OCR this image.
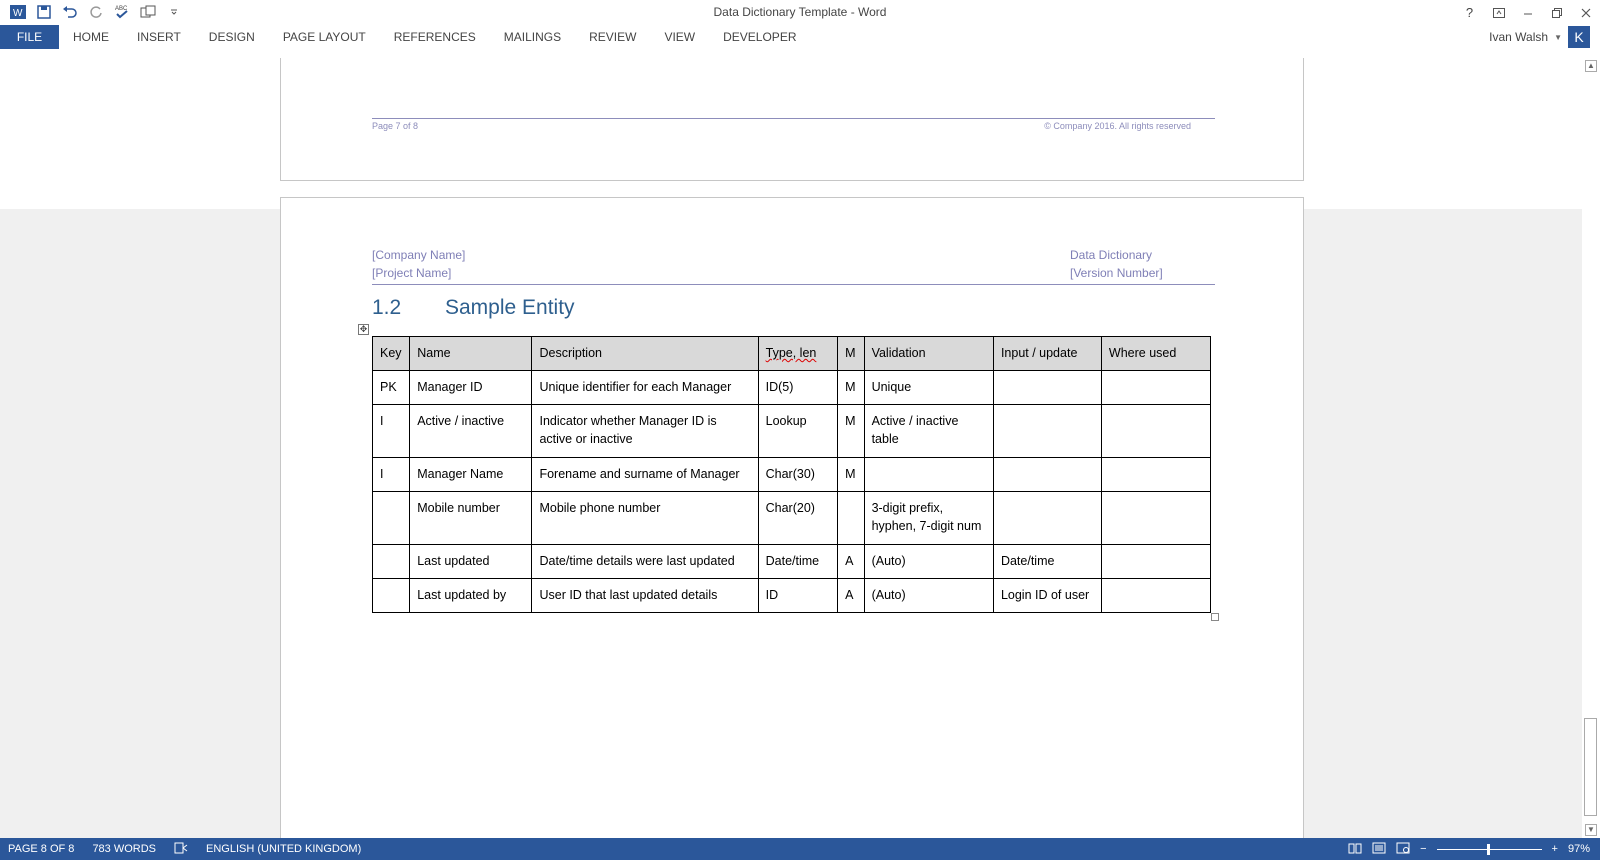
W	ABC	Data Dictionary Template - Word	?
FILE	HOME	INSERT	DESIGN	PAGE LAYOUT	REFERENCES	MAILINGS	REVIEW	VIEW	DEVELOPER	Ivan Walsh ▼ K
Page 7 of 8	© Company 2016. All rights reserved
[Company Name]
[Project Name]
Data Dictionary
[Version Number]
1.2	Sample Entity
✥
Key	Name	Description	Type, len	M	Validation	Input / update	Where used
PK	Manager ID	Unique identifier for each Manager	ID(5)	M	Unique		
I	Active / inactive	Indicator whether Manager ID is active or inactive	Lookup	M	Active / inactive table		
I	Manager Name	Forename and surname of Manager	Char(30)	M			
	Mobile number	Mobile phone number	Char(20)		3-digit prefix, hyphen, 7-digit num		
	Last updated	Date/time details were last updated	Date/time	A	(Auto)	Date/time	
	Last updated by	User ID that last updated details	ID	A	(Auto)	Login ID of user	
▲
▼
PAGE 8 OF 8 783 WORDS	ENGLISH (UNITED KINGDOM)	−	+ 97%
